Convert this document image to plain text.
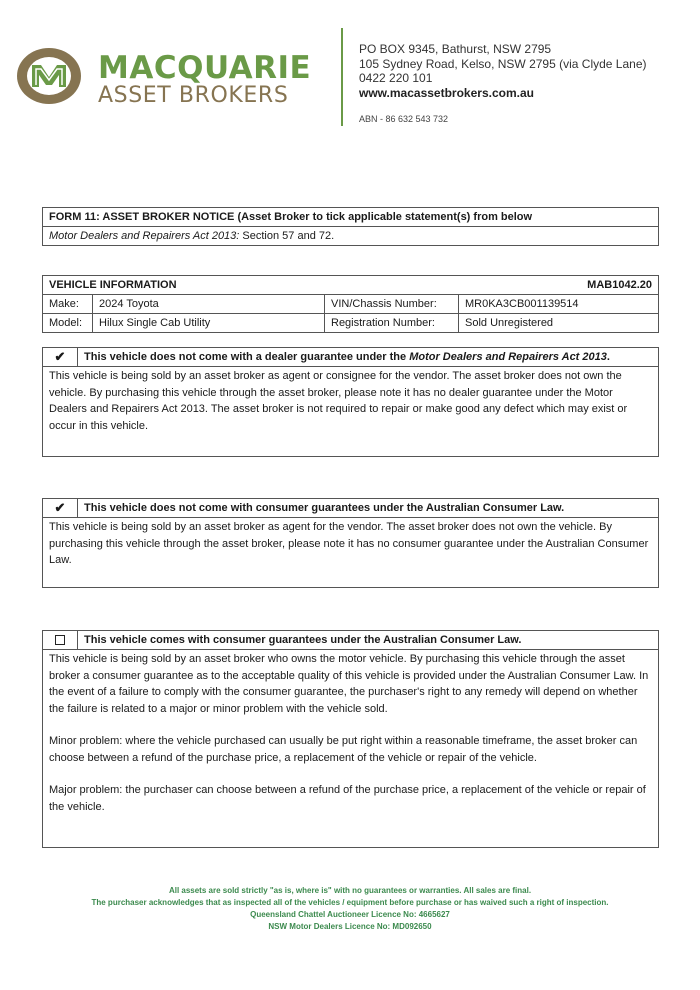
MACQUARIE
ASSET BROKERS
PO BOX 9345, Bathurst, NSW 2795
105 Sydney Road, Kelso, NSW 2795 (via Clyde Lane)
0422 220 101
www.macassetbrokers.com.au
ABN - 86 632 543 732
FORM 11: ASSET BROKER NOTICE (Asset Broker to tick applicable statement(s) from below
Motor Dealers and Repairers Act 2013: Section 57 and 72.
VEHICLE INFORMATION	MAB1042.20
Make:	2024 Toyota	VIN/Chassis Number:	MR0KA3CB001139514
Model:	Hilux Single Cab Utility	Registration Number:	Sold Unregistered
✔	This vehicle does not come with a dealer guarantee under the Motor Dealers and Repairers Act 2013.

This vehicle is being sold by an asset broker as agent or consignee for the vendor. The asset broker does not own the vehicle. By purchasing this vehicle through the asset broker, please note it has no dealer guarantee under the Motor Dealers and Repairers Act 2013. The asset broker is not required to repair or make good any defect which may exist or occur in this vehicle.

✔	This vehicle does not come with consumer guarantees under the Australian Consumer Law.

This vehicle is being sold by an asset broker as agent for the vendor. The asset broker does not own the vehicle. By purchasing this vehicle through the asset broker, please note it has no consumer guarantee under the Australian Consumer Law.

This vehicle comes with consumer guarantees under the Australian Consumer Law.

This vehicle is being sold by an asset broker who owns the motor vehicle. By purchasing this vehicle through the asset broker a consumer guarantee as to the acceptable quality of this vehicle is provided under the Australian Consumer Law. In the event of a failure to comply with the consumer guarantee, the purchaser's right to any remedy will depend on whether the failure is related to a major or minor problem with the vehicle sold.

Minor problem: where the vehicle purchased can usually be put right within a reasonable timeframe, the asset broker can choose between a refund of the purchase price, a replacement of the vehicle or repair of the vehicle.

Major problem: the purchaser can choose between a refund of the purchase price, a replacement of the vehicle or repair of the vehicle.

All assets are sold strictly "as is, where is" with no guarantees or warranties. All sales are final.
The purchaser acknowledges that as inspected all of the vehicles / equipment before purchase or has waived such a right of inspection.
Queensland Chattel Auctioneer Licence No: 4665627
NSW Motor Dealers Licence No: MD092650
